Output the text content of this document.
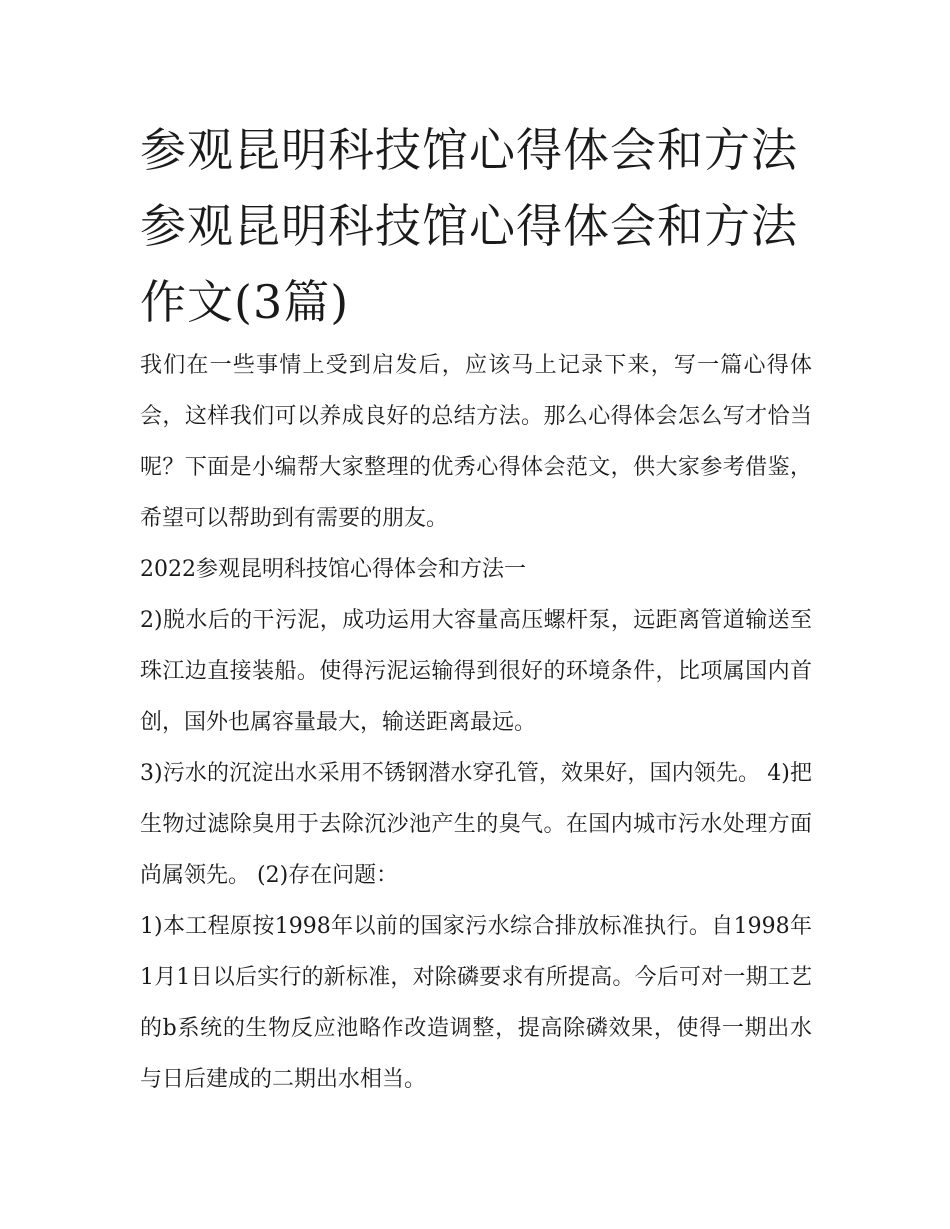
参观昆明科技馆心得体会和方法 参观昆明科技馆心得体会和方法作文(3篇)

我们在一些事情上受到启发后，应该马上记录下来，写一篇心得体会，这样我们可以养成良好的总结方法。那么心得体会怎么写才恰当呢？下面是小编帮大家整理的优秀心得体会范文，供大家参考借鉴，希望可以帮助到有需要的朋友。

2022参观昆明科技馆心得体会和方法一

2)脱水后的干污泥，成功运用大容量高压螺杆泵，远距离管道输送至珠江边直接装船。使得污泥运输得到很好的环境条件，比项属国内首创，国外也属容量最大，输送距离最远。

3)污水的沉淀出水采用不锈钢潜水穿孔管，效果好，国内领先。 4)把生物过滤除臭用于去除沉沙池产生的臭气。在国内城市污水处理方面尚属领先。 (2)存在问题：

1)本工程原按1998年以前的国家污水综合排放标准执行。自1998年1月1日以后实行的新标准，对除磷要求有所提高。今后可对一期工艺的b系统的生物反应池略作改造调整，提高除磷效果，使得一期出水与日后建成的二期出水相当。
